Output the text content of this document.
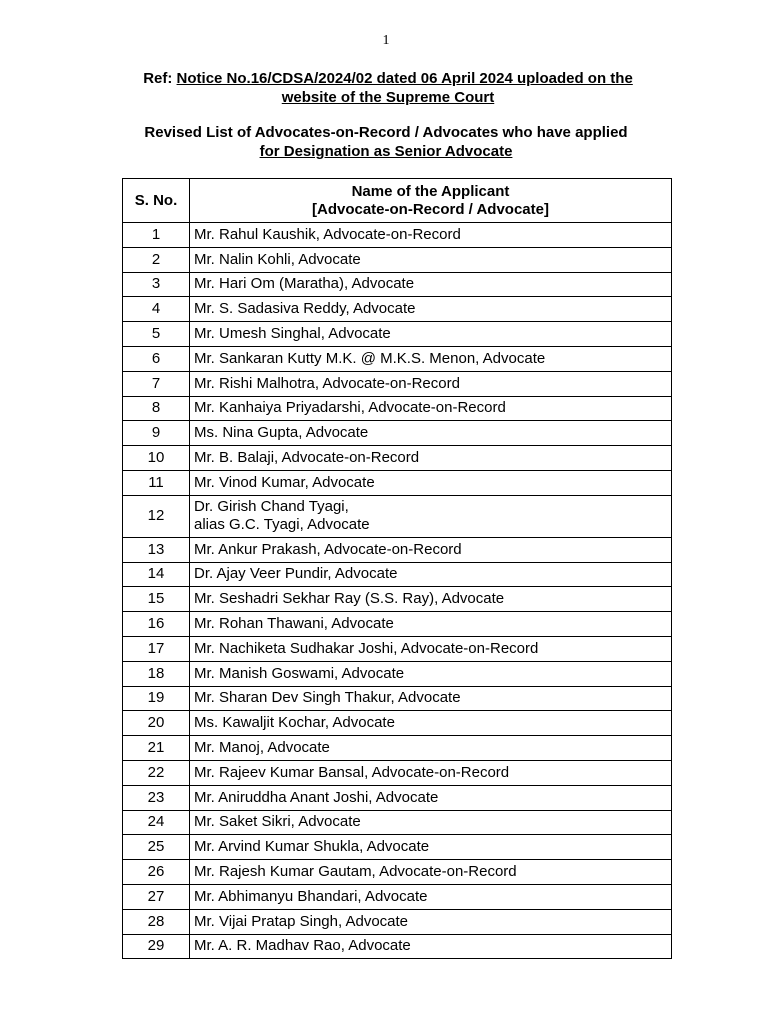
1
Ref: Notice No.16/CDSA/2024/02 dated 06 April 2024 uploaded on the
website of the Supreme Court
Revised List of Advocates-on-Record / Advocates who have applied
for Designation as Senior Advocate
S. No.	Name of the Applicant
[Advocate-on-Record / Advocate]
1	Mr. Rahul Kaushik, Advocate-on-Record
2	Mr. Nalin Kohli, Advocate
3	Mr. Hari Om (Maratha), Advocate
4	Mr. S. Sadasiva Reddy, Advocate
5	Mr. Umesh Singhal, Advocate
6	Mr. Sankaran Kutty M.K. @ M.K.S. Menon, Advocate
7	Mr. Rishi Malhotra, Advocate-on-Record
8	Mr. Kanhaiya Priyadarshi, Advocate-on-Record
9	Ms. Nina Gupta, Advocate
10	Mr. B. Balaji, Advocate-on-Record
11	Mr. Vinod Kumar, Advocate
12	Dr. Girish Chand Tyagi,
alias G.C. Tyagi, Advocate
13	Mr. Ankur Prakash, Advocate-on-Record
14	Dr. Ajay Veer Pundir, Advocate
15	Mr. Seshadri Sekhar Ray (S.S. Ray), Advocate
16	Mr. Rohan Thawani, Advocate
17	Mr. Nachiketa Sudhakar Joshi, Advocate-on-Record
18	Mr. Manish Goswami, Advocate
19	Mr. Sharan Dev Singh Thakur, Advocate
20	Ms. Kawaljit Kochar, Advocate
21	Mr. Manoj, Advocate
22	Mr. Rajeev Kumar Bansal, Advocate-on-Record
23	Mr. Aniruddha Anant Joshi, Advocate
24	Mr. Saket Sikri, Advocate
25	Mr. Arvind Kumar Shukla, Advocate
26	Mr. Rajesh Kumar Gautam, Advocate-on-Record
27	Mr. Abhimanyu Bhandari, Advocate
28	Mr. Vijai Pratap Singh, Advocate
29	Mr. A. R. Madhav Rao, Advocate
